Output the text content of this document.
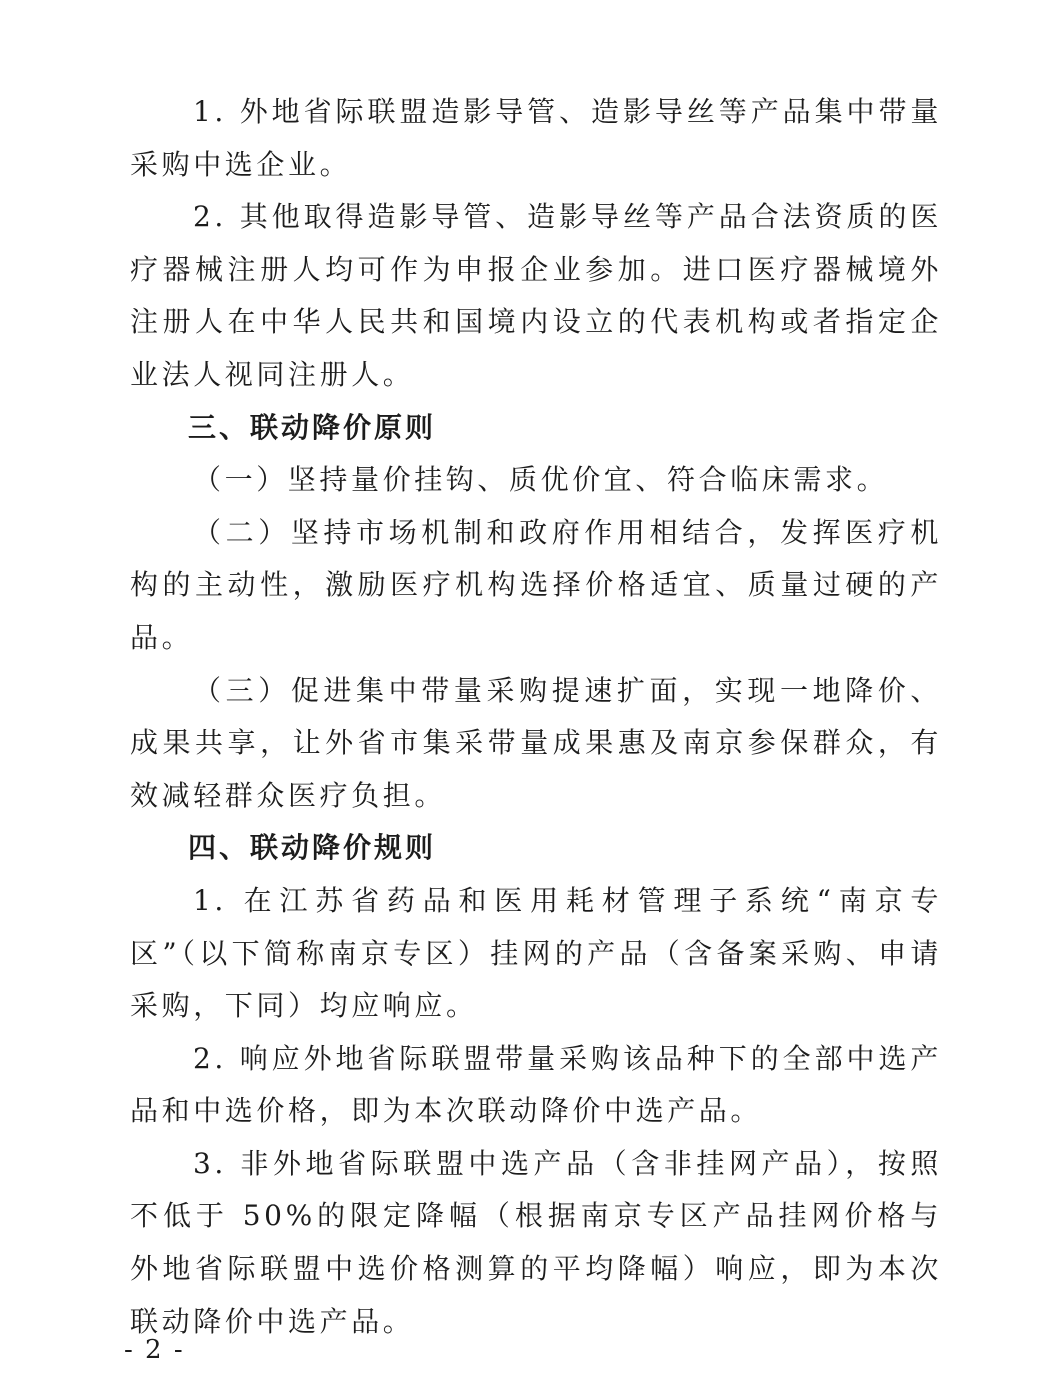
1. 外地省际联盟造影导管、造影导丝等产品集中带量采购中选企业。

2. 其他取得造影导管、造影导丝等产品合法资质的医疗器械注册人均可作为申报企业参加。进口医疗器械境外注册人在中华人民共和国境内设立的代表机构或者指定企业法人视同注册人。

三、联动降价原则

（一）坚持量价挂钩、质优价宜、符合临床需求。

（二）坚持市场机制和政府作用相结合，发挥医疗机构的主动性，激励医疗机构选择价格适宜、质量过硬的产品。

（三）促进集中带量采购提速扩面，实现一地降价、成果共享，让外省市集采带量成果惠及南京参保群众，有效减轻群众医疗负担。

四、联动降价规则

1. 在江苏省药品和医用耗材管理子系统“南京专区”（以下简称南京专区）挂网的产品（含备案采购、申请采购，下同）均应响应。

2. 响应外地省际联盟带量采购该品种下的全部中选产品和中选价格，即为本次联动降价中选产品。

3. 非外地省际联盟中选产品（含非挂网产品），按照不低于 50%的限定降幅（根据南京专区产品挂网价格与外地省际联盟中选价格测算的平均降幅）响应，即为本次联动降价中选产品。

- 2 -
